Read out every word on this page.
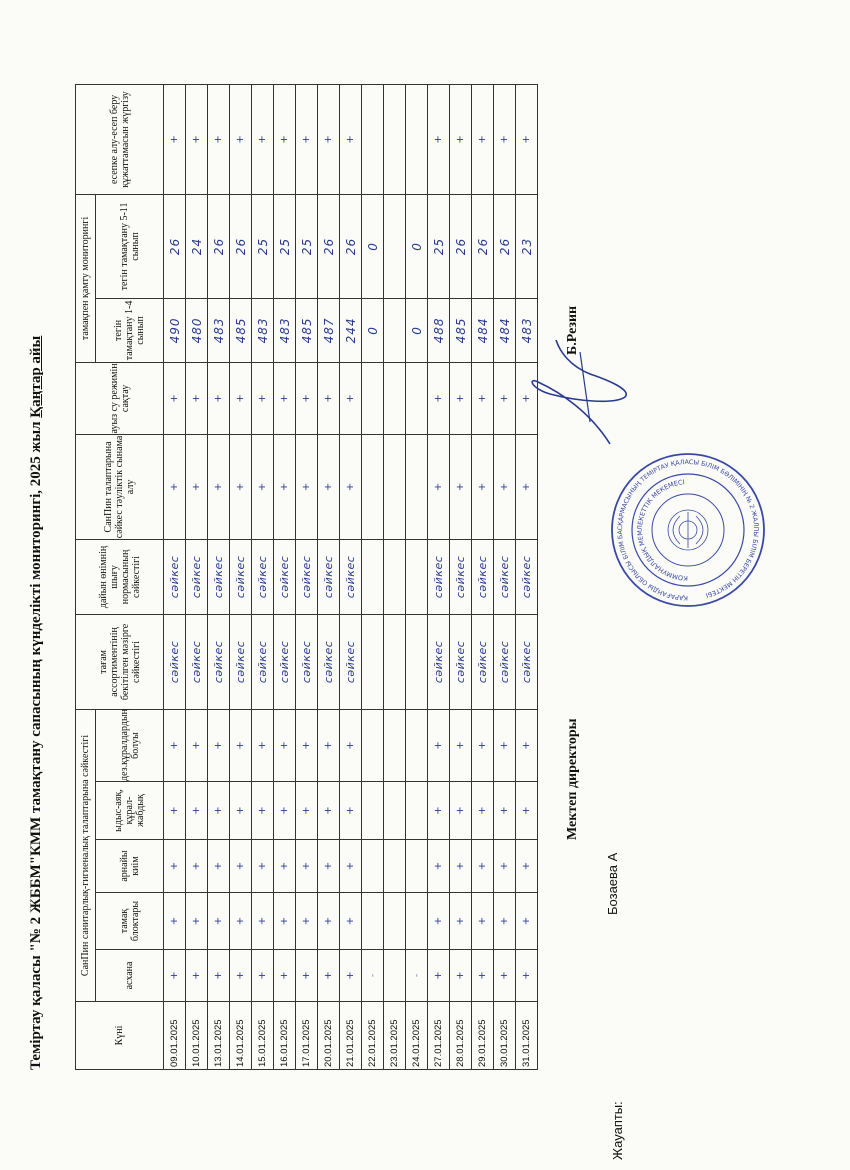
Теміртау қаласы "№ 2 ЖББМ"КММ тамақтану сапасының күнделікті мониторингі, 2025 жыл Қаңтар айы
Күні	СанПин санитарлық-гигиеналық талаптарына сәйкестігі					тағам ассортиментінің бекітілген мәзірге сәйкестігі	дайын өнімнің шығу нормасының сәйкестігі	СанПин талаптарына сәйкес тәуліктік сынама алу	ауыз су режимін сақтау	тамақпен қамту мониторингі		есепке алу-есеп беру құжаттамасын жүргізу
	асхана	тамақ блоктары	арнайы киім	ыдыс-аяқ, құрал-жабдық	дез.құралдардың болуы					тегін тамақтану 1-4 сынып	тегін тамақтану 5-11 сынып	
09.01.2025	+	+	+	+	+	сәйкес	сәйкес	+	+	490	26	+
10.01.2025	+	+	+	+	+	сәйкес	сәйкес	+	+	480	24	+
13.01.2025	+	+	+	+	+	сәйкес	сәйкес	+	+	483	26	+
14.01.2025	+	+	+	+	+	сәйкес	сәйкес	+	+	485	26	+
15.01.2025	+	+	+	+	+	сәйкес	сәйкес	+	+	483	25	+
16.01.2025	+	+	+	+	+	сәйкес	сәйкес	+	+	483	25	+
17.01.2025	+	+	+	+	+	сәйкес	сәйкес	+	+	485	25	+
20.01.2025	+	+	+	+	+	сәйкес	сәйкес	+	+	487	26	+
21.01.2025	+	+	+	+	+	сәйкес	сәйкес	+	+	244	26	+
22.01.2025	-									0	0	
23.01.2025												
24.01.2025	-									0	0	
27.01.2025	+	+	+	+	+	сәйкес	сәйкес	+	+	488	25	+
28.01.2025	+	+	+	+	+	сәйкес	сәйкес	+	+	485	26	+
29.01.2025	+	+	+	+	+	сәйкес	сәйкес	+	+	484	26	+
30.01.2025	+	+	+	+	+	сәйкес	сәйкес	+	+	484	26	+
31.01.2025	+	+	+	+	+	сәйкес	сәйкес	+	+	483	23	+
Мектеп директоры
Б.Резин
Жауапты:
Бозаева А
ҚАРАҒАНДЫ ОБЛЫСЫ БІЛІМ БАСҚАРМАСЫНЫҢ ТЕМІРТАУ ҚАЛАСЫ БІЛІМ БӨЛІМІНІҢ № 2 ЖАЛПЫ БІЛІМ БЕРЕТІН МЕКТЕБІ
КОММУНАЛДЫҚ МЕМЛЕКЕТТІК МЕКЕМЕСІ
